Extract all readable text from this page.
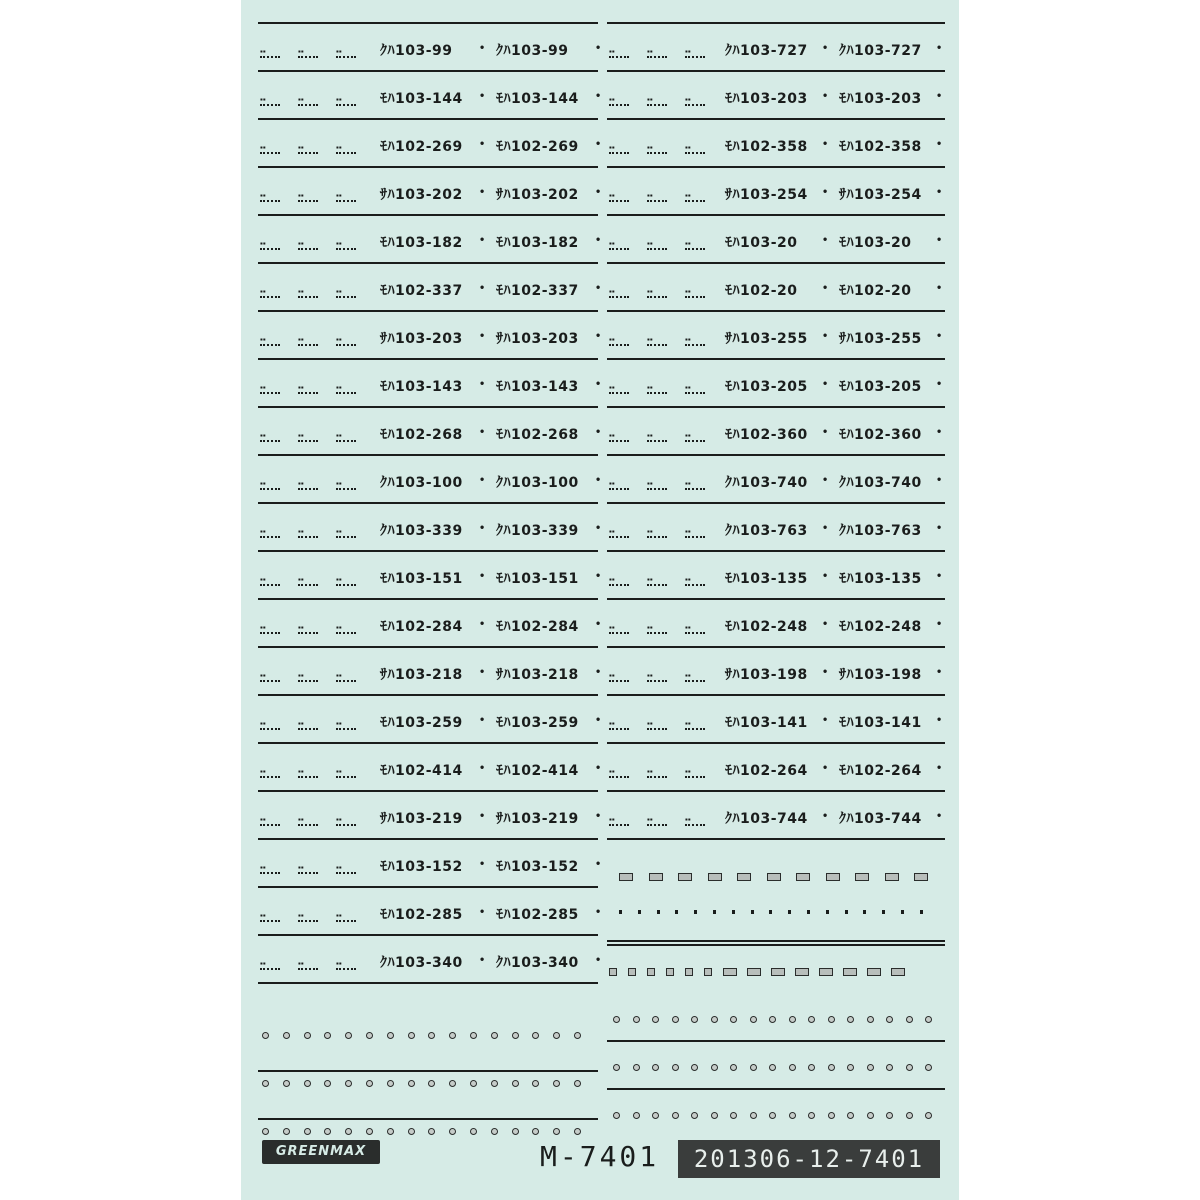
▪▪	▪▪	▪▪	ｸﾊ103-99 • ｸﾊ103-99 •
▪▪	▪▪	▪▪	ﾓﾊ103-144 • ﾓﾊ103-144 •
▪▪	▪▪	▪▪	ﾓﾊ102-269 • ﾓﾊ102-269 •
▪▪	▪▪	▪▪	ｻﾊ103-202 • ｻﾊ103-202 •
▪▪	▪▪	▪▪	ﾓﾊ103-182 • ﾓﾊ103-182 •
▪▪	▪▪	▪▪	ﾓﾊ102-337 • ﾓﾊ102-337 •
▪▪	▪▪	▪▪	ｻﾊ103-203 • ｻﾊ103-203 •
▪▪	▪▪	▪▪	ﾓﾊ103-143 • ﾓﾊ103-143 •
▪▪	▪▪	▪▪	ﾓﾊ102-268 • ﾓﾊ102-268 •
▪▪	▪▪	▪▪	ｸﾊ103-100 • ｸﾊ103-100 •
▪▪	▪▪	▪▪	ｸﾊ103-339 • ｸﾊ103-339 •
▪▪	▪▪	▪▪	ﾓﾊ103-151 • ﾓﾊ103-151 •
▪▪	▪▪	▪▪	ﾓﾊ102-284 • ﾓﾊ102-284 •
▪▪	▪▪	▪▪	ｻﾊ103-218 • ｻﾊ103-218 •
▪▪	▪▪	▪▪	ﾓﾊ103-259 • ﾓﾊ103-259 •
▪▪	▪▪	▪▪	ﾓﾊ102-414 • ﾓﾊ102-414 •
▪▪	▪▪	▪▪	ｻﾊ103-219 • ｻﾊ103-219 •
▪▪	▪▪	▪▪	ﾓﾊ103-152 • ﾓﾊ103-152 •
▪▪	▪▪	▪▪	ﾓﾊ102-285 • ﾓﾊ102-285 •
▪▪	▪▪	▪▪	ｸﾊ103-340 • ｸﾊ103-340 •
▪▪	▪▪	▪▪ ｸﾊ103-727 • ｸﾊ103-727 •
▪▪	▪▪	▪▪ ﾓﾊ103-203 • ﾓﾊ103-203 •
▪▪	▪▪	▪▪ ﾓﾊ102-358 • ﾓﾊ102-358 •
▪▪	▪▪	▪▪ ｻﾊ103-254 • ｻﾊ103-254 •
▪▪	▪▪	▪▪ ﾓﾊ103-20 • ﾓﾊ103-20 •
▪▪	▪▪	▪▪ ﾓﾊ102-20 • ﾓﾊ102-20 •
▪▪	▪▪	▪▪ ｻﾊ103-255 • ｻﾊ103-255 •
▪▪	▪▪	▪▪ ﾓﾊ103-205 • ﾓﾊ103-205 •
▪▪	▪▪	▪▪ ﾓﾊ102-360 • ﾓﾊ102-360 •
▪▪	▪▪	▪▪ ｸﾊ103-740 • ｸﾊ103-740 •
▪▪	▪▪	▪▪ ｸﾊ103-763 • ｸﾊ103-763 •
▪▪	▪▪	▪▪ ﾓﾊ103-135 • ﾓﾊ103-135 •
▪▪	▪▪	▪▪ ﾓﾊ102-248 • ﾓﾊ102-248 •
▪▪	▪▪	▪▪ ｻﾊ103-198 • ｻﾊ103-198 •
▪▪	▪▪	▪▪ ﾓﾊ103-141 • ﾓﾊ103-141 •
▪▪	▪▪	▪▪ ﾓﾊ102-264 • ﾓﾊ102-264 •
▪▪	▪▪	▪▪ ｸﾊ103-744 • ｸﾊ103-744 •
GREENMAX	M-7401	201306-12-7401
